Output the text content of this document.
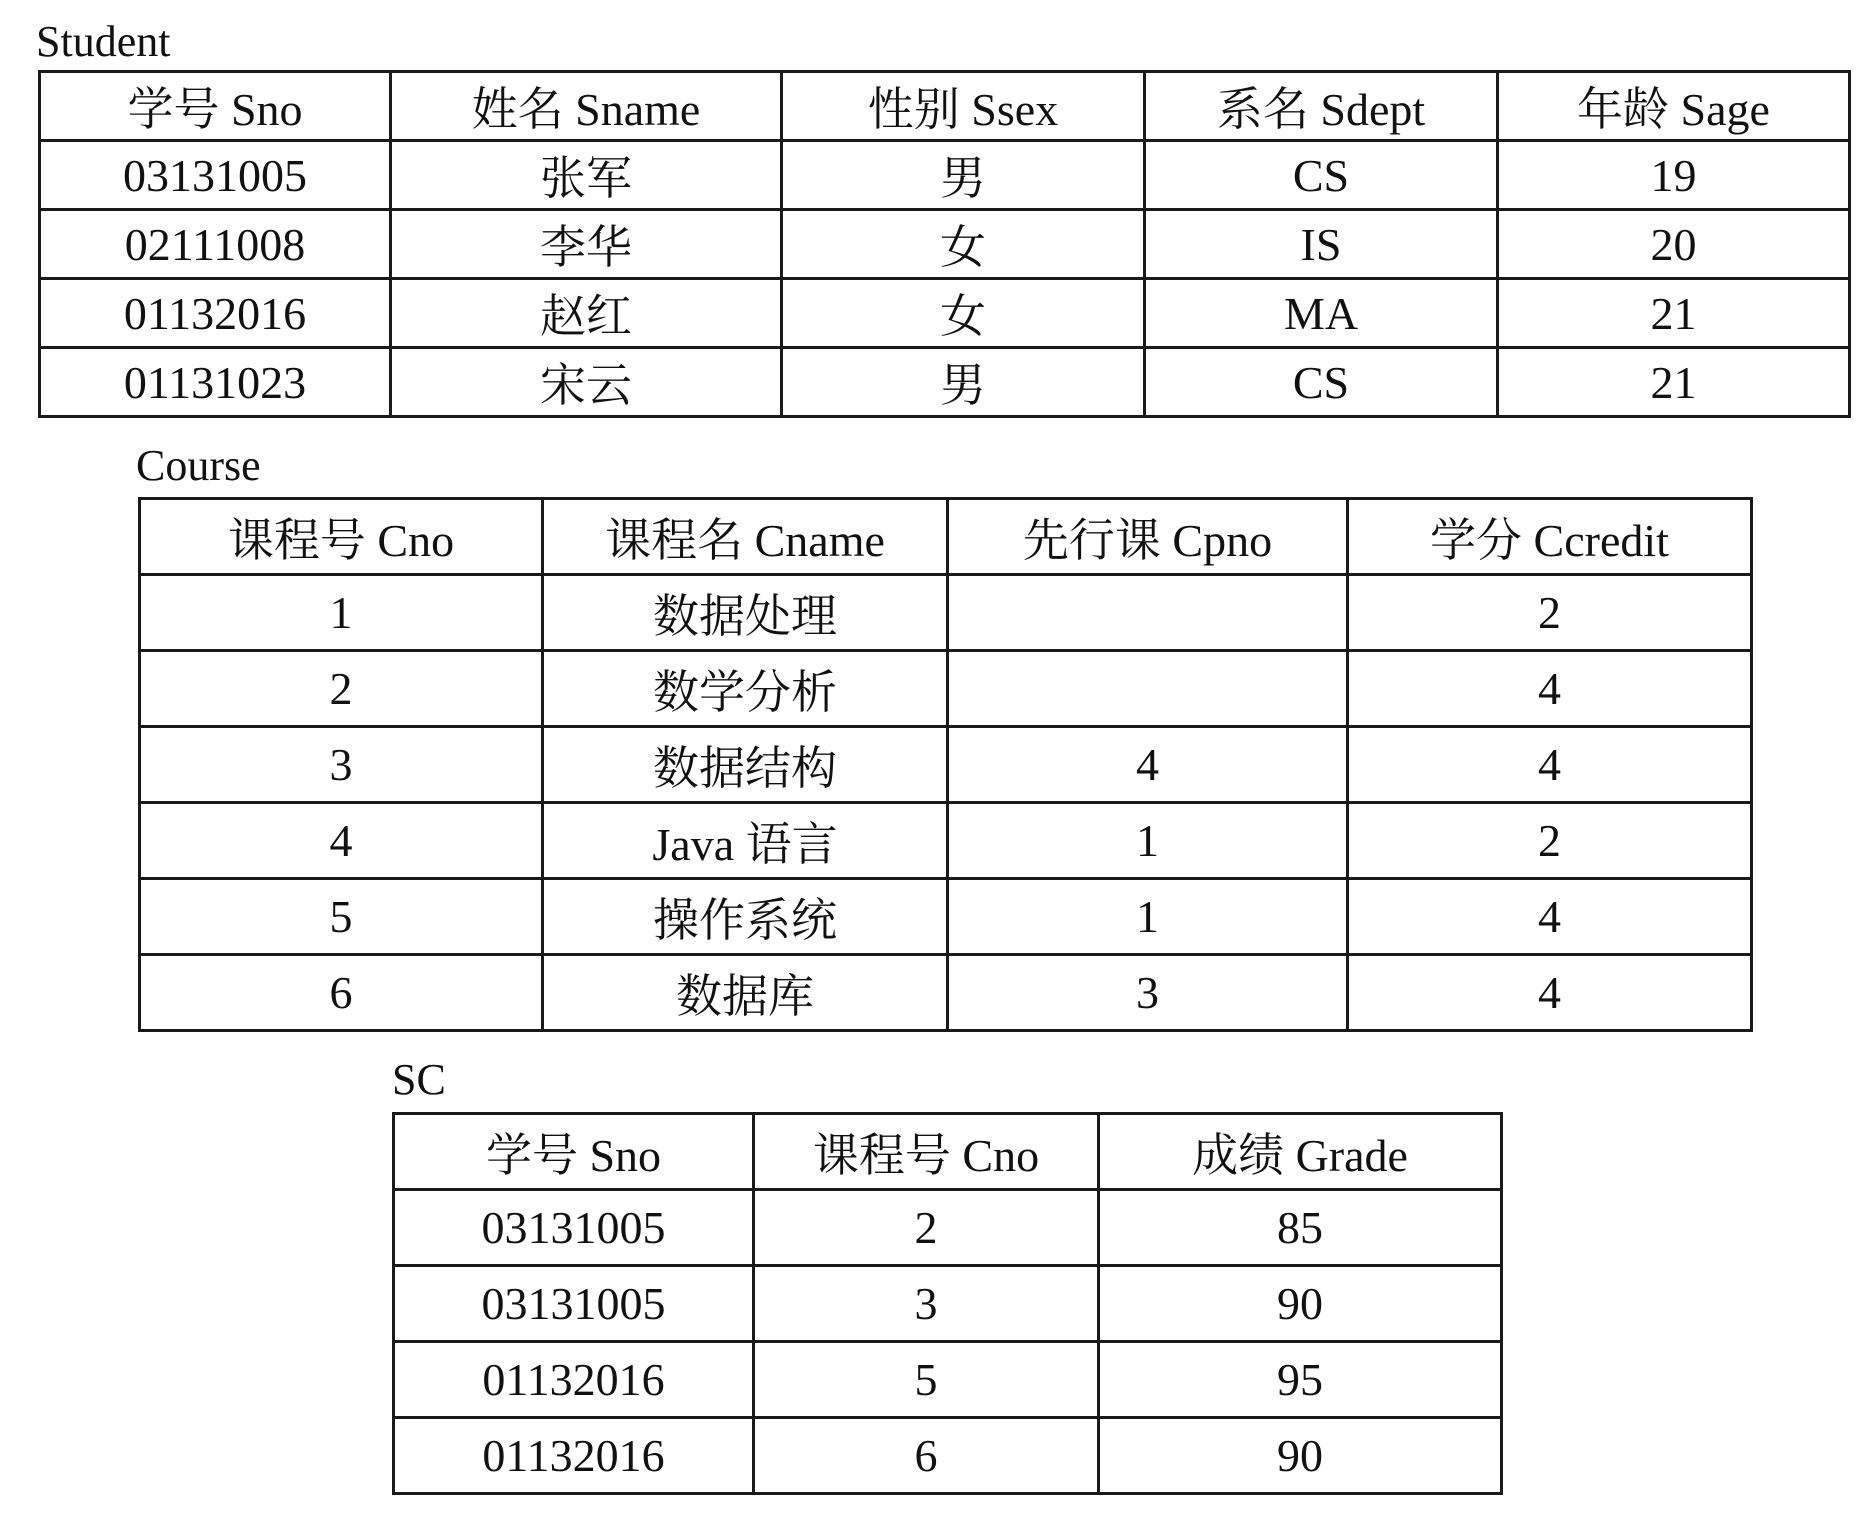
Student
学号 Sno	姓名 Sname	性别 Ssex	系名 Sdept	年龄 Sage
03131005	张军	男	CS	19
02111008	李华	女	IS	20
01132016	赵红	女	MA	21
01131023	宋云	男	CS	21
Course
课程号 Cno	课程名 Cname	先行课 Cpno	学分 Ccredit
1	数据处理		2
2	数学分析		4
3	数据结构	4	4
4	Java 语言	1	2
5	操作系统	1	4
6	数据库	3	4
SC
学号 Sno	课程号 Cno	成绩 Grade
03131005	2	85
03131005	3	90
01132016	5	95
01132016	6	90
